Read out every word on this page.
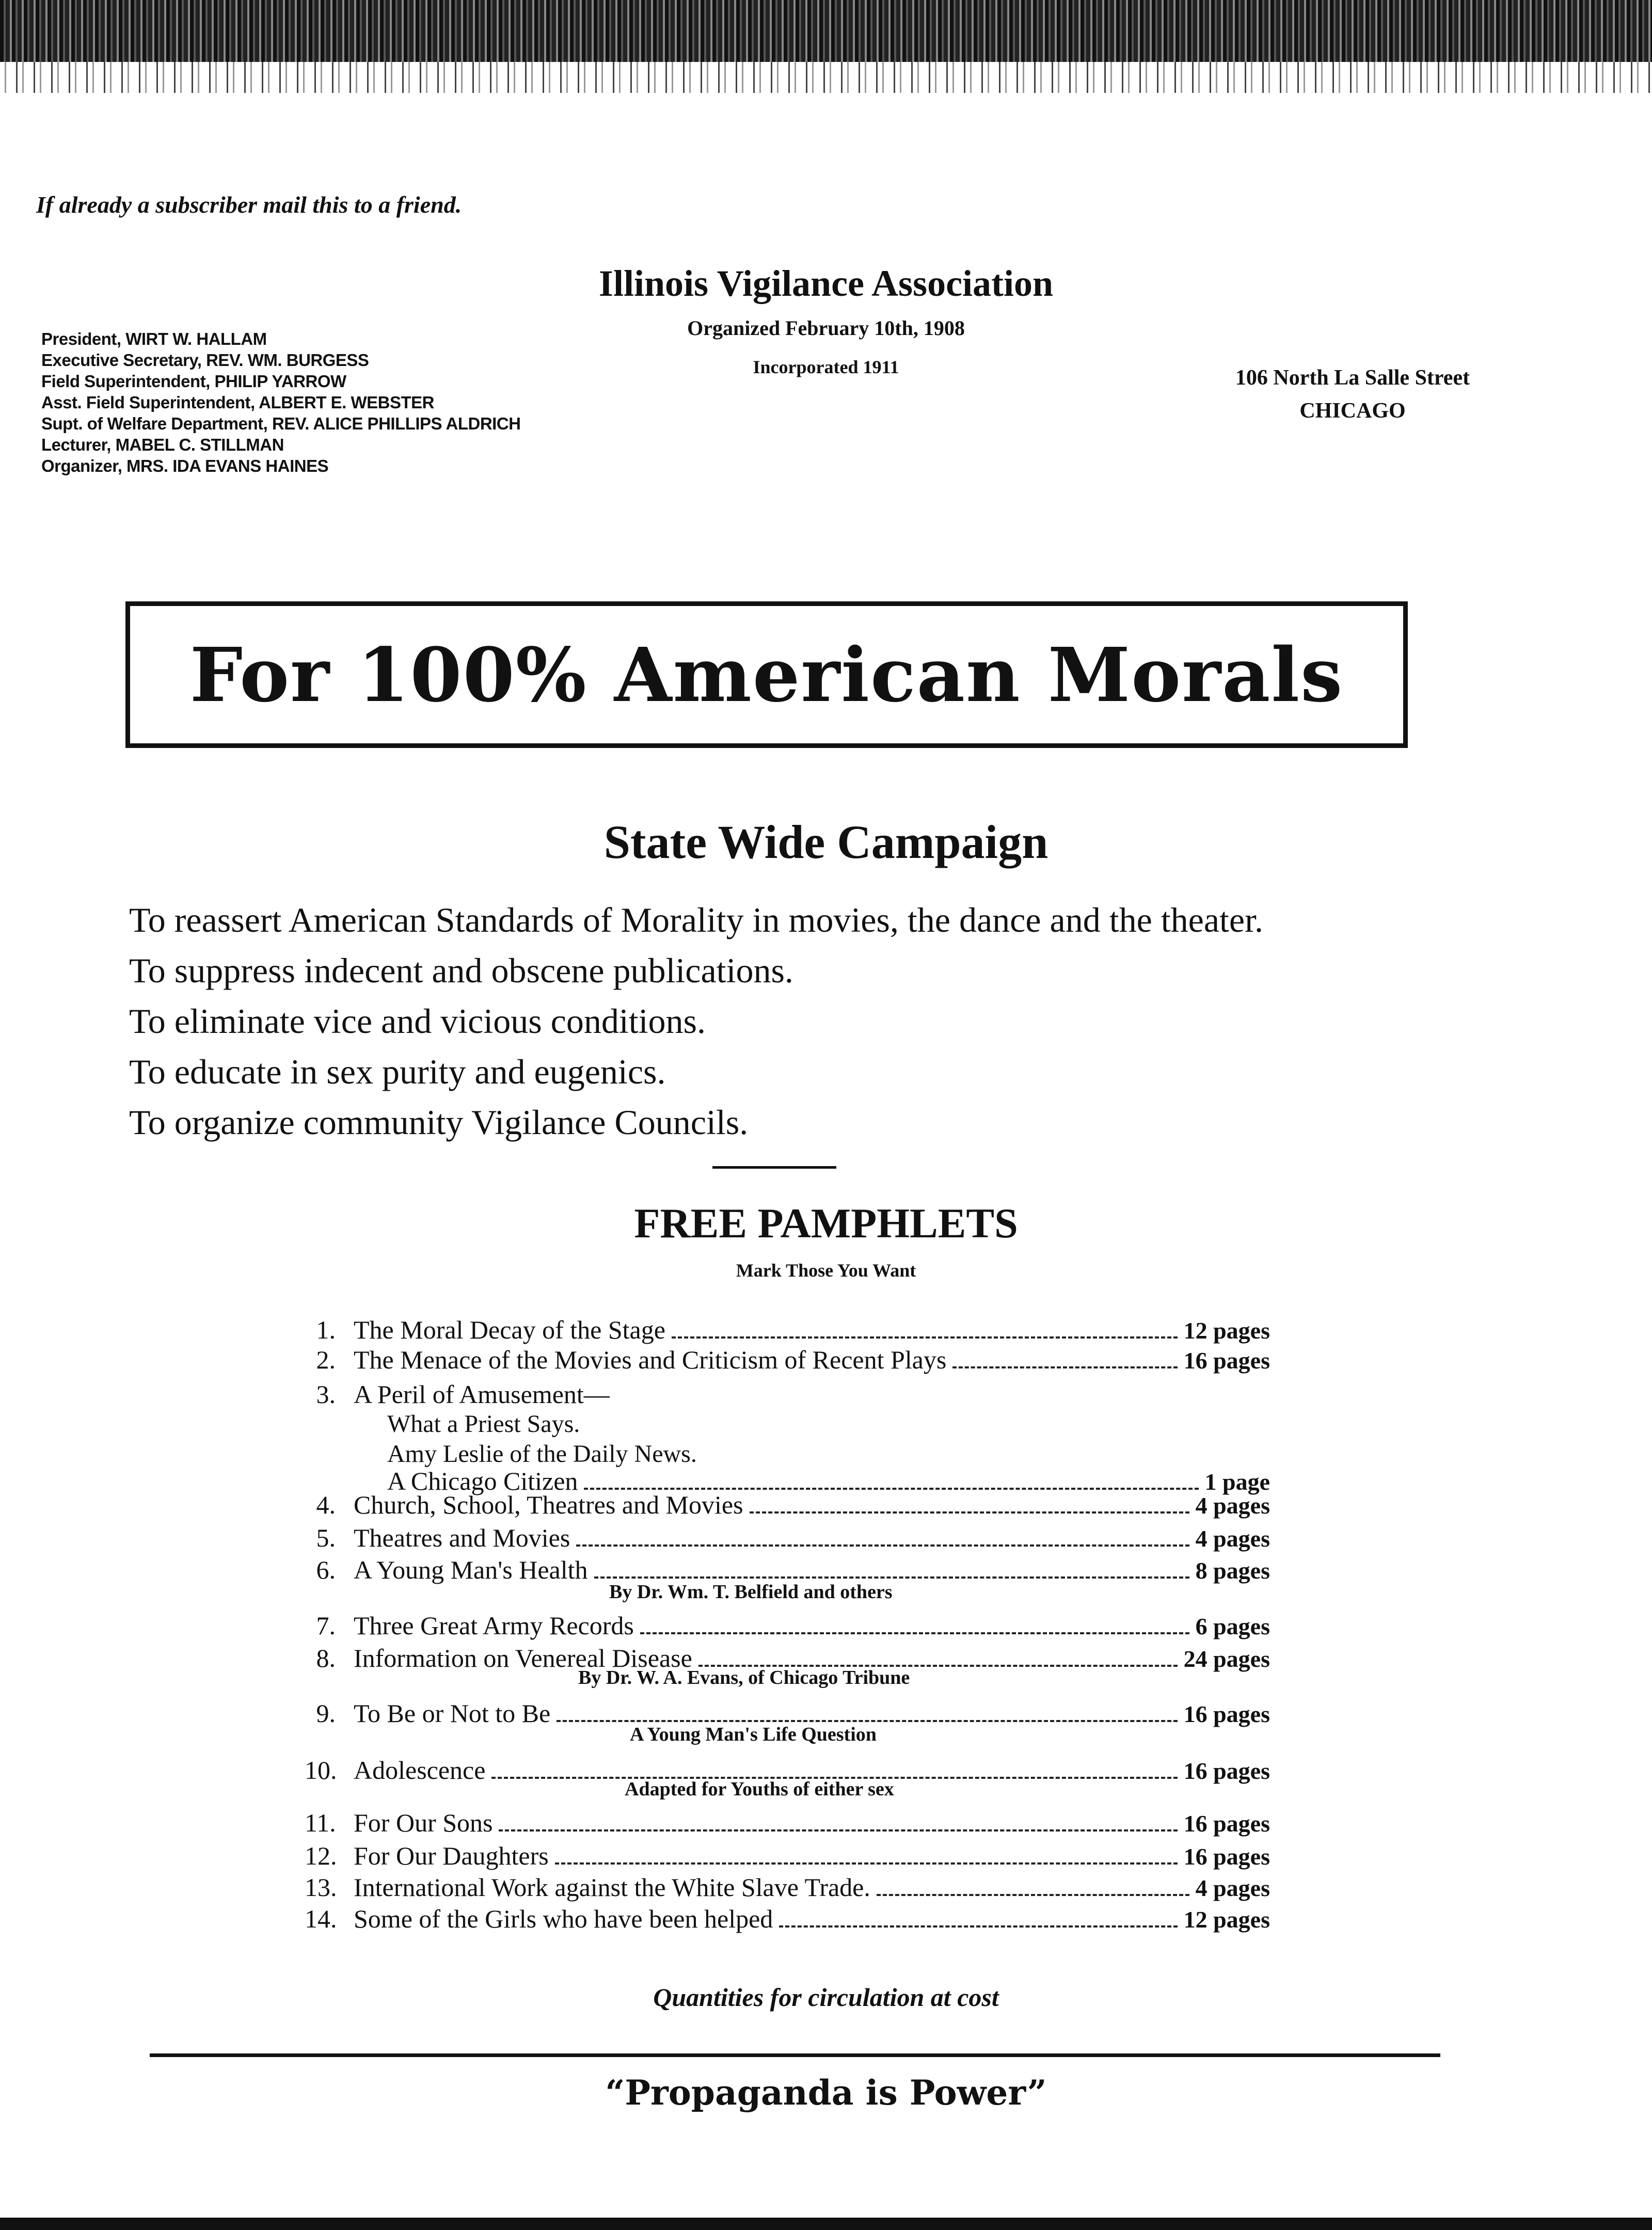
If already a subscriber mail this to a friend.
Illinois Vigilance Association
Organized February 10th, 1908
Incorporated 1911
President, WIRT W. HALLAM
Executive Secretary, REV. WM. BURGESS
Field Superintendent, PHILIP YARROW
Asst. Field Superintendent, ALBERT E. WEBSTER
Supt. of Welfare Department, REV. ALICE PHILLIPS ALDRICH
Lecturer, MABEL C. STILLMAN
Organizer, MRS. IDA EVANS HAINES
106 North La Salle Street
CHICAGO
For 100% American Morals
State Wide Campaign
To reassert American Standards of Morality in movies, the dance and the theater.
To suppress indecent and obscene publications.
To eliminate vice and vicious conditions.
To educate in sex purity and eugenics.
To organize community Vigilance Councils.
FREE PAMPHLETS
Mark Those You Want
1. The Moral Decay of the Stage	12 pages
2. The Menace of the Movies and Criticism of Recent Plays	16 pages
3. A Peril of Amusement—
What a Priest Says.
Amy Leslie of the Daily News.
A Chicago Citizen	1 page
4. Church, School, Theatres and Movies	4 pages
5. Theatres and Movies	4 pages
6. A Young Man's Health	8 pages
By Dr. Wm. T. Belfield and others
7. Three Great Army Records	6 pages
8. Information on Venereal Disease	24 pages
By Dr. W. A. Evans, of Chicago Tribune
9. To Be or Not to Be	16 pages
A Young Man's Life Question
10. Adolescence	16 pages
Adapted for Youths of either sex
11. For Our Sons	16 pages
12. For Our Daughters	16 pages
13. International Work against the White Slave Trade.	4 pages
14. Some of the Girls who have been helped	12 pages
Quantities for circulation at cost
“Propaganda is Power”
